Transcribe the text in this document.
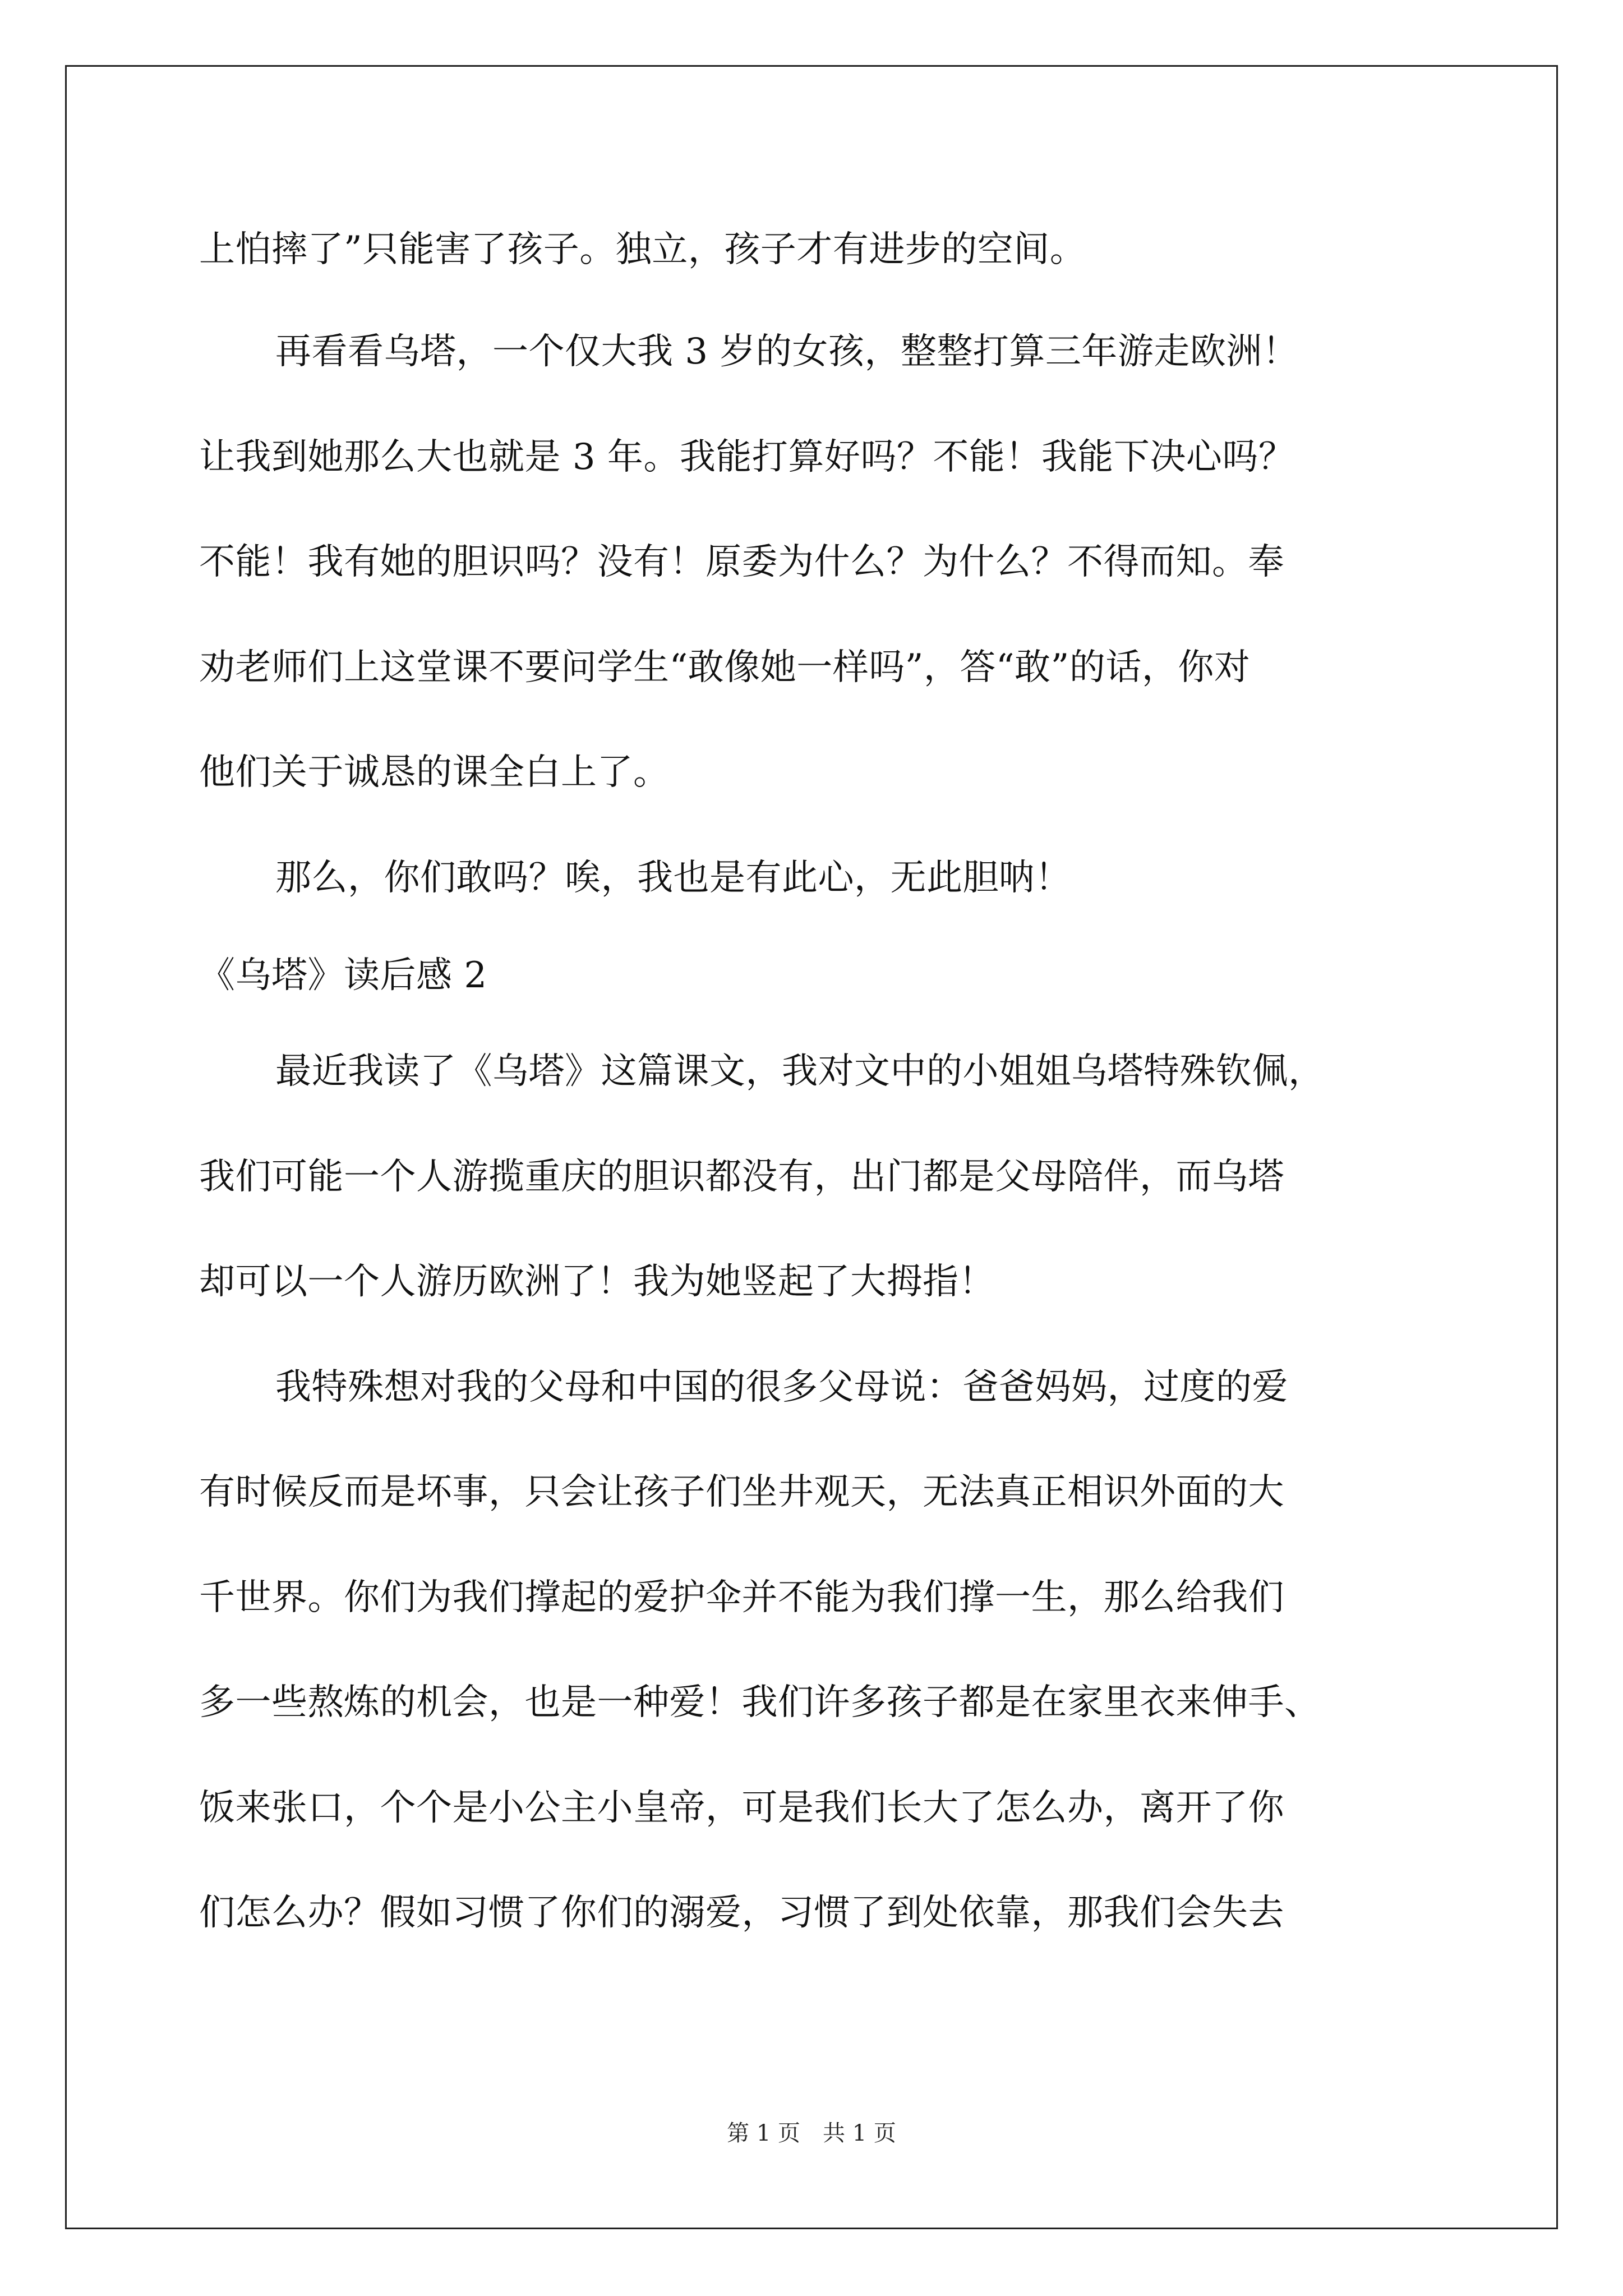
上怕摔了”只能害了孩子。独立，孩子才有进步的空间。
再看看乌塔，一个仅大我 3 岁的女孩，整整打算三年游走欧洲！
让我到她那么大也就是 3 年。我能打算好吗？不能！我能下决心吗？
不能！我有她的胆识吗？没有！原委为什么？为什么？不得而知。奉
劝老师们上这堂课不要问学生“敢像她一样吗”，答“敢”的话，你对
他们关于诚恳的课全白上了。
那么，你们敢吗？唉，我也是有此心，无此胆呐！
《乌塔》读后感 2
最近我读了《乌塔》这篇课文，我对文中的小姐姐乌塔特殊钦佩，
我们可能一个人游揽重庆的胆识都没有，出门都是父母陪伴，而乌塔
却可以一个人游历欧洲了！我为她竖起了大拇指！
我特殊想对我的父母和中国的很多父母说：爸爸妈妈，过度的爱
有时候反而是坏事，只会让孩子们坐井观天，无法真正相识外面的大
千世界。你们为我们撑起的爱护伞并不能为我们撑一生，那么给我们
多一些熬炼的机会，也是一种爱！我们许多孩子都是在家里衣来伸手、
饭来张口，个个是小公主小皇帝，可是我们长大了怎么办，离开了你
们怎么办？假如习惯了你们的溺爱，习惯了到处依靠，那我们会失去
第 1 页　共 1 页
